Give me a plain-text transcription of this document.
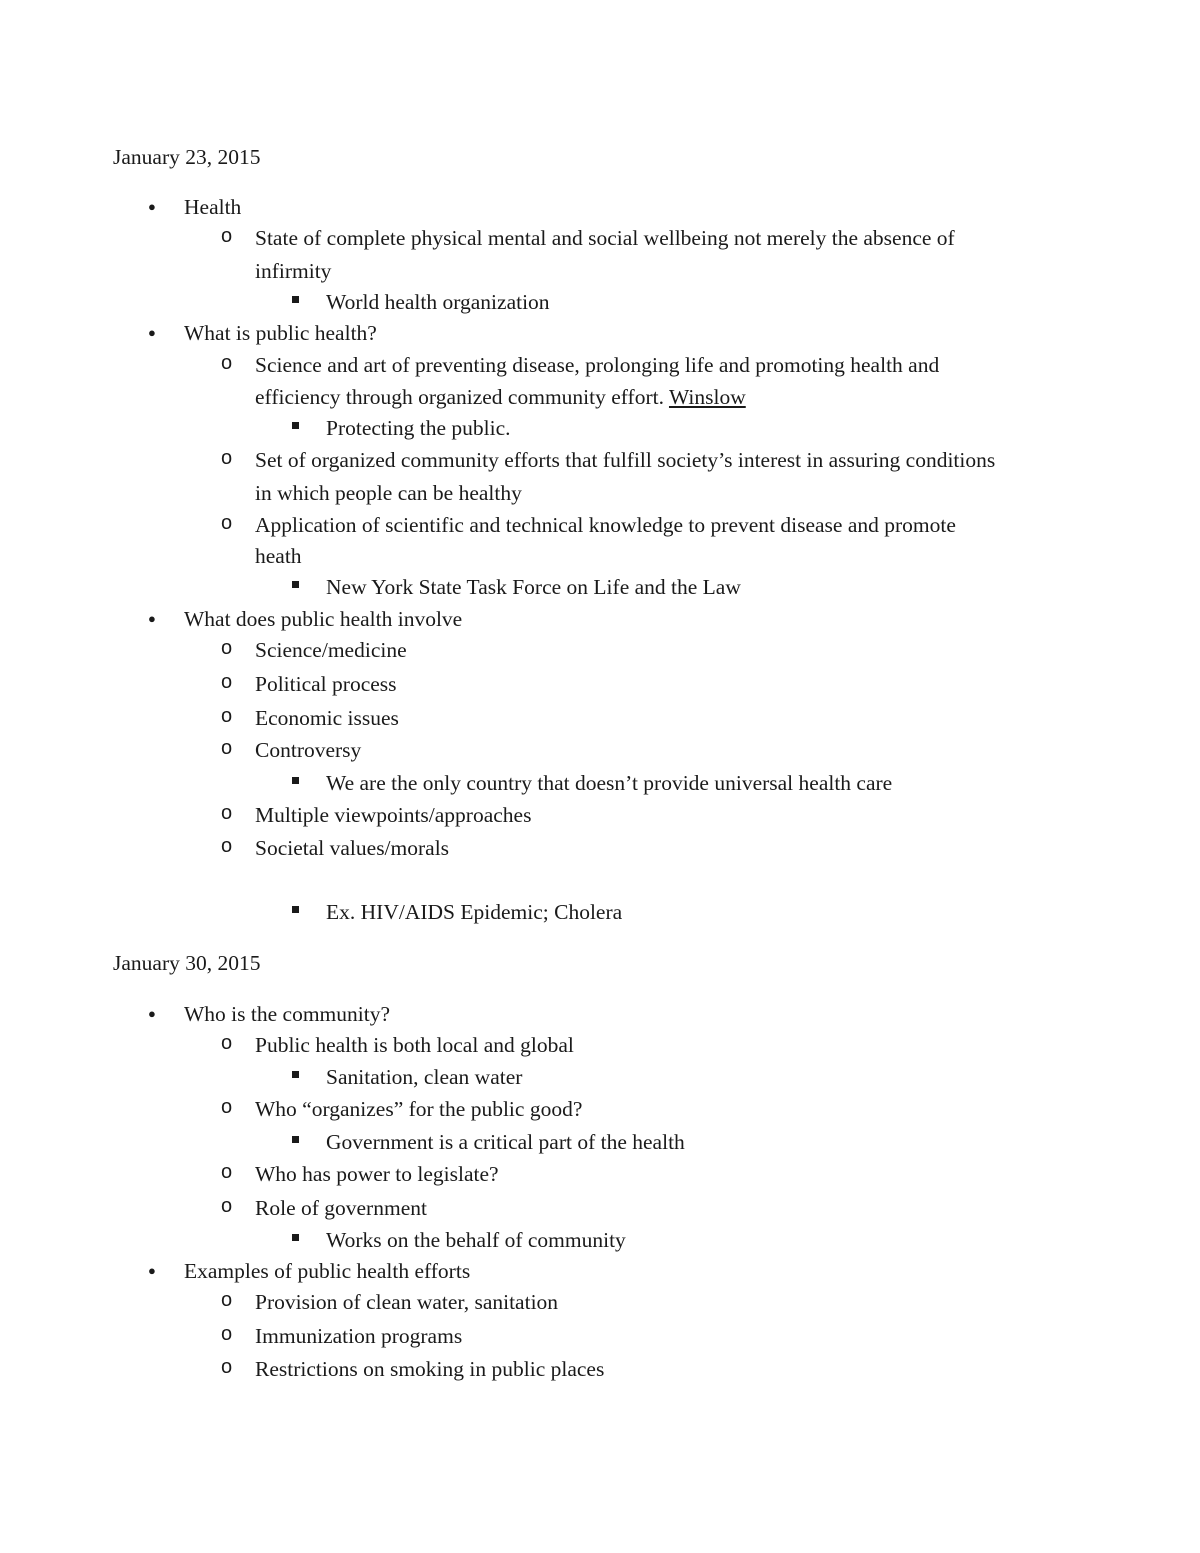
January 23, 2015
● Health
o State of complete physical mental and social wellbeing not merely the absence of
infirmity
World health organization
● What is public health?
o Science and art of preventing disease, prolonging life and promoting health and
efficiency through organized community effort. Winslow
Protecting the public.
o Set of organized community efforts that fulfill society’s interest in assuring conditions
in which people can be healthy
o Application of scientific and technical knowledge to prevent disease and promote
heath
New York State Task Force on Life and the Law
● What does public health involve
o Science/medicine
o Political process
o Economic issues
o Controversy
We are the only country that doesn’t provide universal health care
o Multiple viewpoints/approaches
o Societal values/morals
Ex. HIV/AIDS Epidemic; Cholera
January 30, 2015
● Who is the community?
o Public health is both local and global
Sanitation, clean water
o Who “organizes” for the public good?
Government is a critical part of the health
o Who has power to legislate?
o Role of government
Works on the behalf of community
● Examples of public health efforts
o Provision of clean water, sanitation
o Immunization programs
o Restrictions on smoking in public places
